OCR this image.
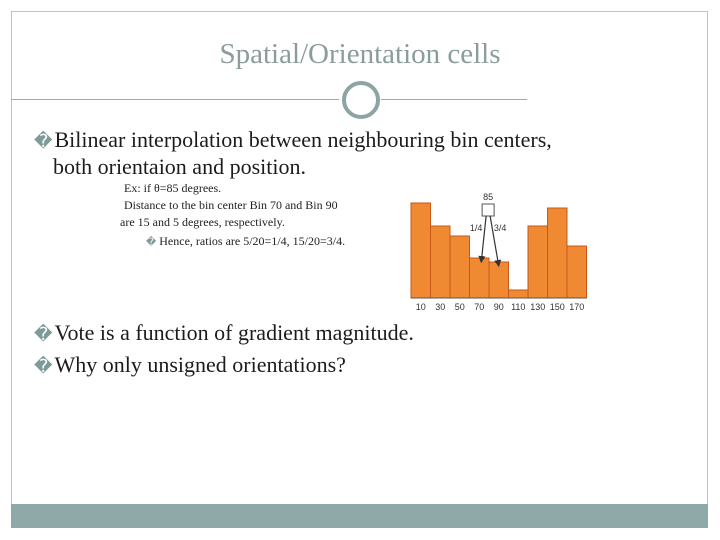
Spatial/Orientation cells
�Bilinear interpolation between neighbouring bin centers,
both orientaion and position.
Ex: if θ=85 degrees.
Distance to the bin center Bin 70 and Bin 90
are 15 and 5 degrees, respectively.
� Hence, ratios are 5/20=1/4, 15/20=3/4.
10 30 50 70 90 110 130 150 170
85
1/4 3/4
�Vote is a function of gradient magnitude.
�Why only unsigned orientations?
